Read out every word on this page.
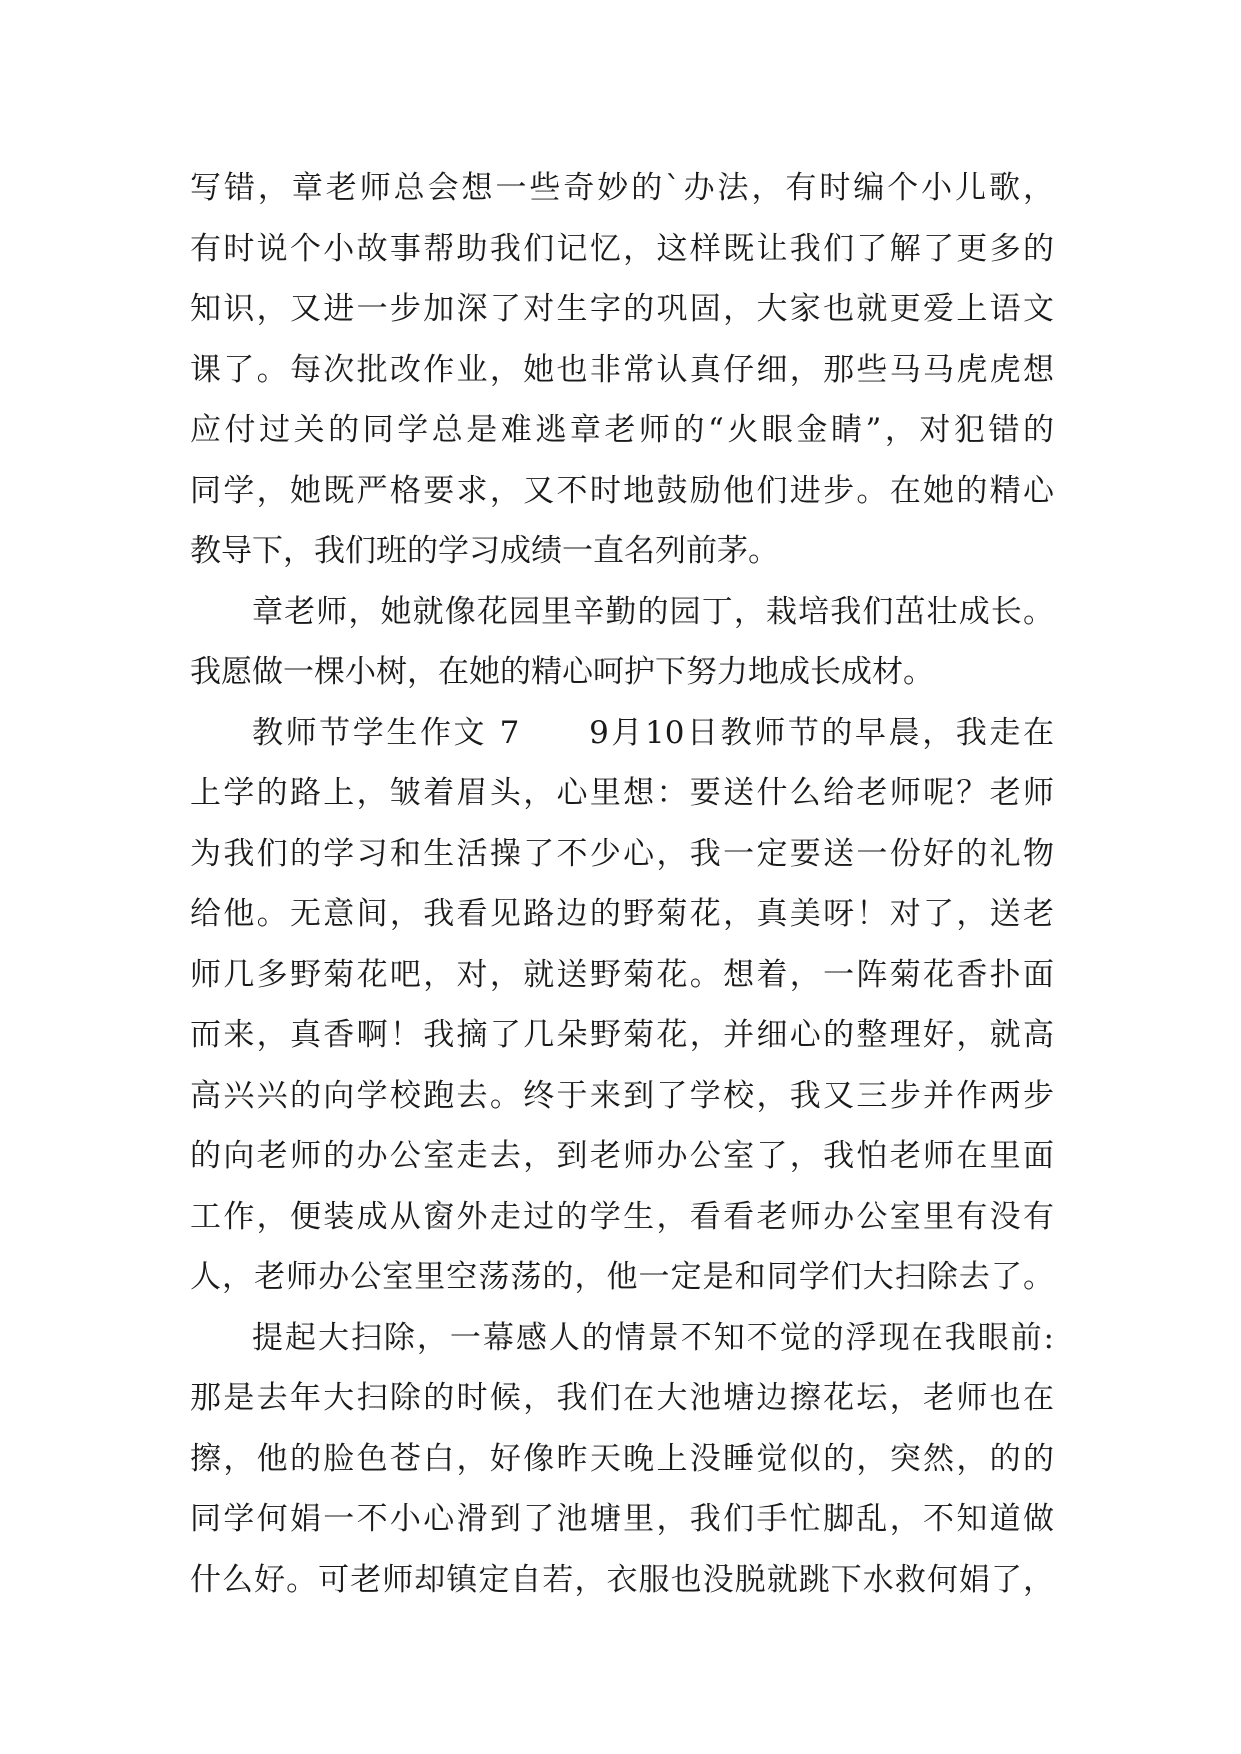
写错，章老师总会想一些奇妙的`办法，有时编个小儿歌，
有时说个小故事帮助我们记忆，这样既让我们了解了更多的
知识，又进一步加深了对生字的巩固，大家也就更爱上语文
课了。每次批改作业，她也非常认真仔细，那些马马虎虎想
应付过关的同学总是难逃章老师的“火眼金睛”，对犯错的
同学，她既严格要求，又不时地鼓励他们进步。在她的精心
教导下，我们班的学习成绩一直名列前茅。
章老师，她就像花园里辛勤的园丁，栽培我们茁壮成长。
我愿做一棵小树，在她的精心呵护下努力地成长成材。
教师节学生作文 7　　9月10日教师节的早晨，我走在
上学的路上，皱着眉头，心里想：要送什么给老师呢？老师
为我们的学习和生活操了不少心，我一定要送一份好的礼物
给他。无意间，我看见路边的野菊花，真美呀！对了，送老
师几多野菊花吧，对，就送野菊花。想着，一阵菊花香扑面
而来，真香啊！我摘了几朵野菊花，并细心的整理好，就高
高兴兴的向学校跑去。终于来到了学校，我又三步并作两步
的向老师的办公室走去，到老师办公室了，我怕老师在里面
工作，便装成从窗外走过的学生，看看老师办公室里有没有
人，老师办公室里空荡荡的，他一定是和同学们大扫除去了。
提起大扫除，一幕感人的情景不知不觉的浮现在我眼前:
那是去年大扫除的时候，我们在大池塘边擦花坛，老师也在
擦，他的脸色苍白，好像昨天晚上没睡觉似的，突然，的的
同学何娟一不小心滑到了池塘里，我们手忙脚乱，不知道做
什么好。可老师却镇定自若，衣服也没脱就跳下水救何娟了，
